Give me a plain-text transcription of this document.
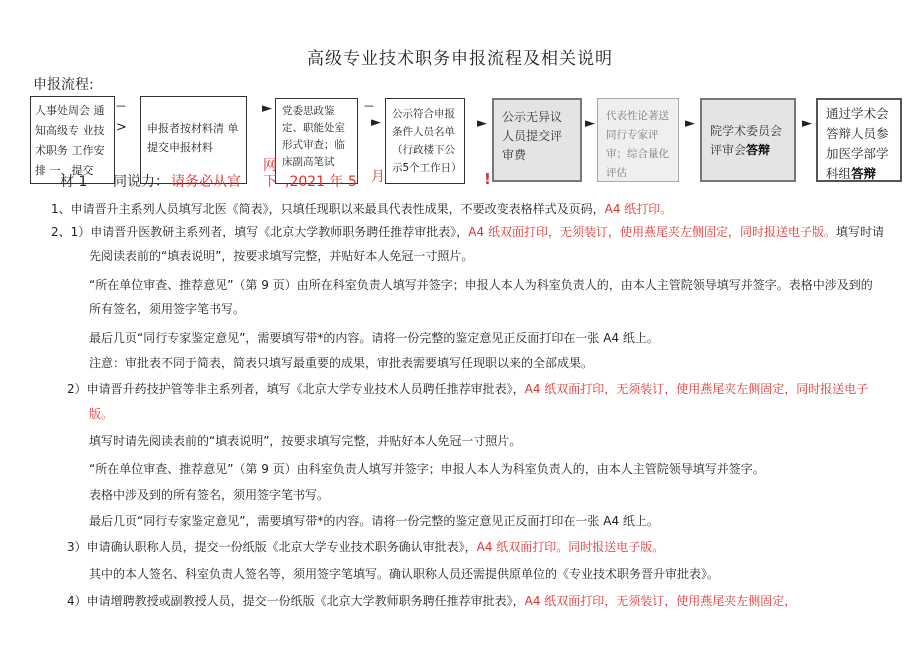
高级专业技术职务申报流程及相关说明
申报流程:
人事处周会 通知高级专 业技术职务 工作安排 一、提交
申报者按材料清 单提交申报材料
党委思政鉴定、职能处室形式审查；临床副高笔试
公示符合申报条件人员名单（行政楼下公示5个工作日）
公示无异议人员提交评审费
代表性论著送同行专家评审；综合量化评估
院学术委员会评审会答辩
通过学术会答辩人员参加医学部学科组答辩
---
>
►	---
►	►	►	►	►
!
材 1 同说力： 请务必从官
网
下 ,2021 年 5 月
1、申请晋升主系列人员填写北医《简表》，只填任现职以来最具代表性成果，不要改变表格样式及页码，A4 纸打印。
2、1）申请晋升医教研主系列者，填写《北京大学教师职务聘任推荐审批表》，A4 纸双面打印，无须装订，使用燕尾夹左侧固定，同时报送电子版。填写时请
先阅读表前的“填表说明”，按要求填写完整，并贴好本人免冠一寸照片。
“所在单位审查、推荐意见”（第 9 页）由所在科室负责人填写并签字；申报人本人为科室负责人的，由本人主管院领导填写并签字。表格中涉及到的
所有签名，须用签字笔书写。
最后几页“同行专家鉴定意见”，需要填写带*的内容。请将一份完整的鉴定意见正反面打印在一张 A4 纸上。
注意：审批表不同于简表，简表只填写最重要的成果，审批表需要填写任现职以来的全部成果。
2）申请晋升药技护管等非主系列者，填写《北京大学专业技术人员聘任推荐审批表》，A4 纸双面打印，无须装订，使用燕尾夹左侧固定，同时报送电子
版。
填写时请先阅读表前的“填表说明”，按要求填写完整，并贴好本人免冠一寸照片。
“所在单位审查、推荐意见”（第 9 页）由科室负责人填写并签字；申报人本人为科室负责人的，由本人主管院领导填写并签字。
表格中涉及到的所有签名，须用签字笔书写。
最后几页“同行专家鉴定意见”，需要填写带*的内容。请将一份完整的鉴定意见正反面打印在一张 A4 纸上。
3）申请确认职称人员，提交一份纸版《北京大学专业技术职务确认审批表》，A4 纸双面打印。同时报送电子版。
其中的本人签名、科室负责人签名等，须用签字笔填写。确认职称人员还需提供原单位的《专业技术职务晋升审批表》。
4）申请增聘教授或副教授人员，提交一份纸版《北京大学教师职务聘任推荐审批表》，A4 纸双面打印，无须装订，使用燕尾夹左侧固定，
